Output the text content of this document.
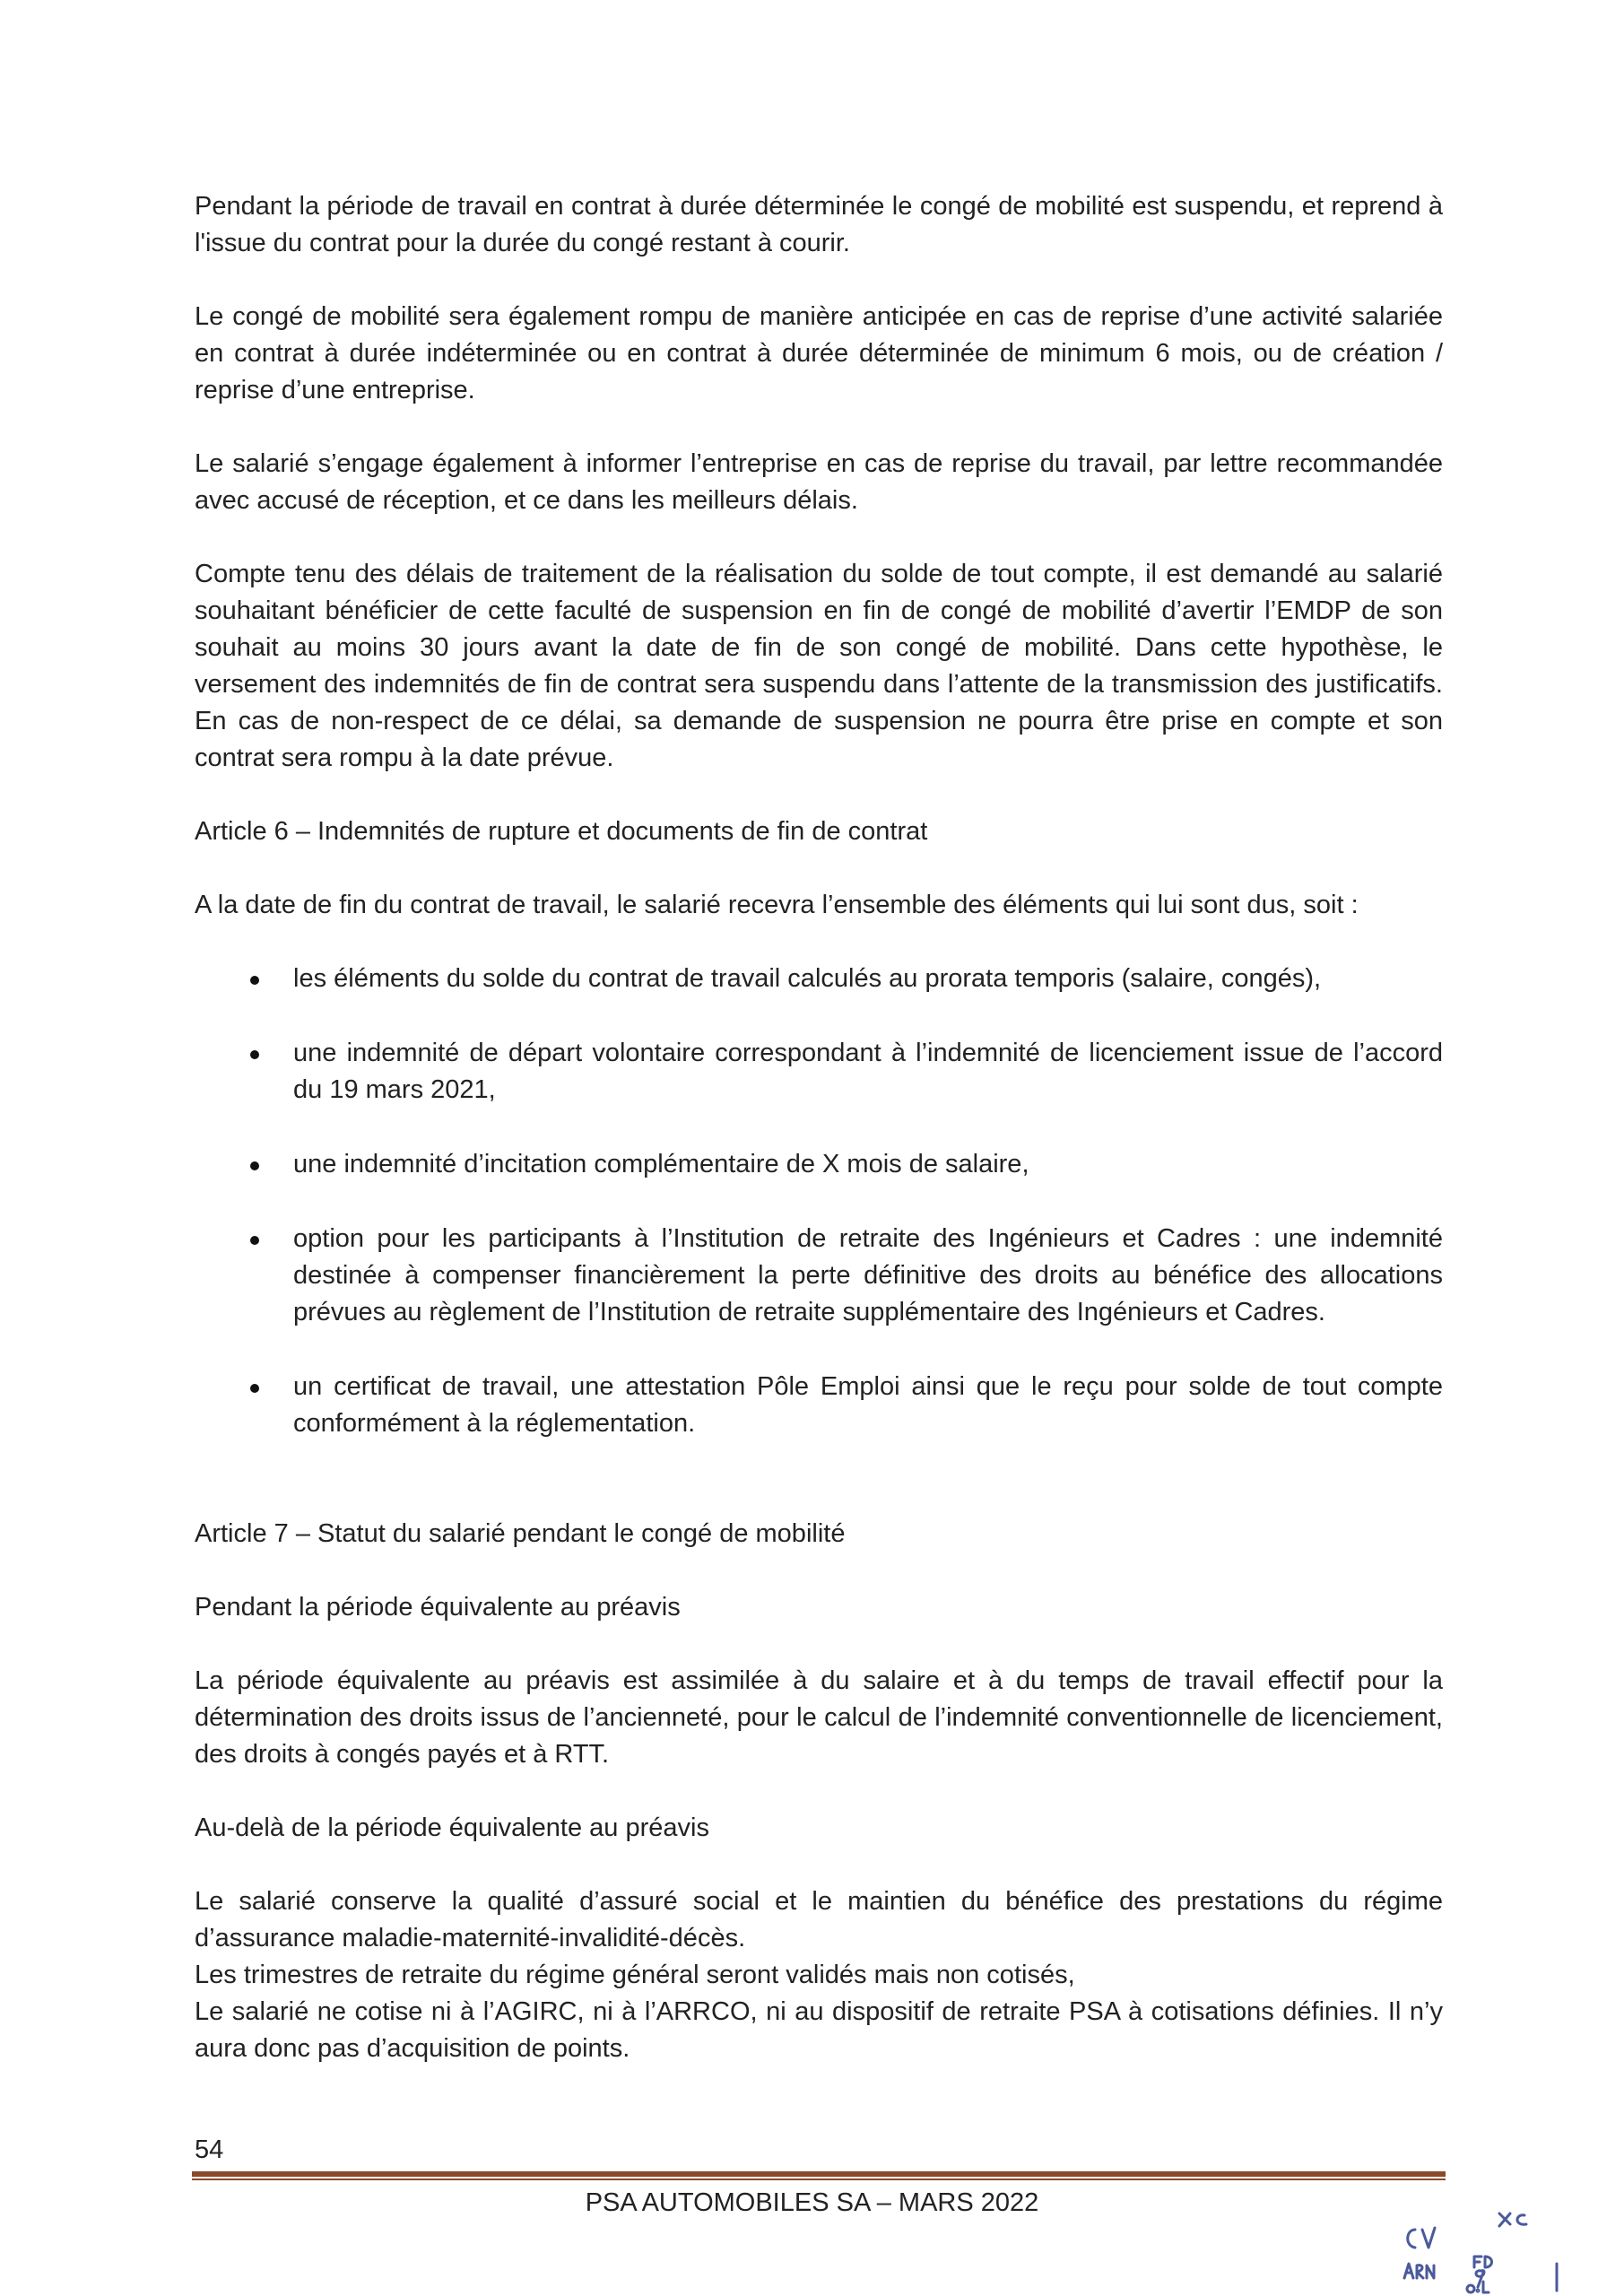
Pendant la période de travail en contrat à durée déterminée le congé de mobilité est suspendu, et reprend à l'issue du contrat pour la durée du congé restant à courir.

Le congé de mobilité sera également rompu de manière anticipée en cas de reprise d’une activité salariée en contrat à durée indéterminée ou en contrat à durée déterminée de minimum 6 mois, ou de création / reprise d’une entreprise.

Le salarié s’engage également à informer l’entreprise en cas de reprise du travail, par lettre recommandée avec accusé de réception, et ce dans les meilleurs délais.

Compte tenu des délais de traitement de la réalisation du solde de tout compte, il est demandé au salarié souhaitant bénéficier de cette faculté de suspension en fin de congé de mobilité d’avertir l’EMDP de son souhait au moins 30 jours avant la date de fin de son congé de mobilité. Dans cette hypothèse, le versement des indemnités de fin de contrat sera suspendu dans l’attente de la transmission des justificatifs. En cas de non-respect de ce délai, sa demande de suspension ne pourra être prise en compte et son contrat sera rompu à la date prévue.

Article 6 – Indemnités de rupture et documents de fin de contrat

A la date de fin du contrat de travail, le salarié recevra l’ensemble des éléments qui lui sont dus, soit :

les éléments du solde du contrat de travail calculés au prorata temporis (salaire, congés),
une indemnité de départ volontaire correspondant à l’indemnité de licenciement issue de l’accord du 19 mars 2021,
une indemnité d’incitation complémentaire de X mois de salaire,
option pour les participants à l’Institution de retraite des Ingénieurs et Cadres : une indemnité destinée à compenser financièrement la perte définitive des droits au bénéfice des allocations prévues au règlement de l’Institution de retraite supplémentaire des Ingénieurs et Cadres.
un certificat de travail, une attestation Pôle Emploi ainsi que le reçu pour solde de tout compte conformément à la réglementation.

Article 7 – Statut du salarié pendant le congé de mobilité

Pendant la période équivalente au préavis

La période équivalente au préavis est assimilée à du salaire et à du temps de travail effectif pour la détermination des droits issus de l’ancienneté, pour le calcul de l’indemnité conventionnelle de licenciement, des droits à congés payés et à RTT.

Au-delà de la période équivalente au préavis

Le salarié conserve la qualité d’assuré social et le maintien du bénéfice des prestations du régime d’assurance maladie-maternité-invalidité-décès.

Les trimestres de retraite du régime général seront validés mais non cotisés,

Le salarié ne cotise ni à l’AGIRC, ni à l’ARRCO, ni au dispositif de retraite PSA à cotisations définies. Il n’y aura donc pas d’acquisition de points.

54
PSA AUTOMOBILES SA – MARS 2022
